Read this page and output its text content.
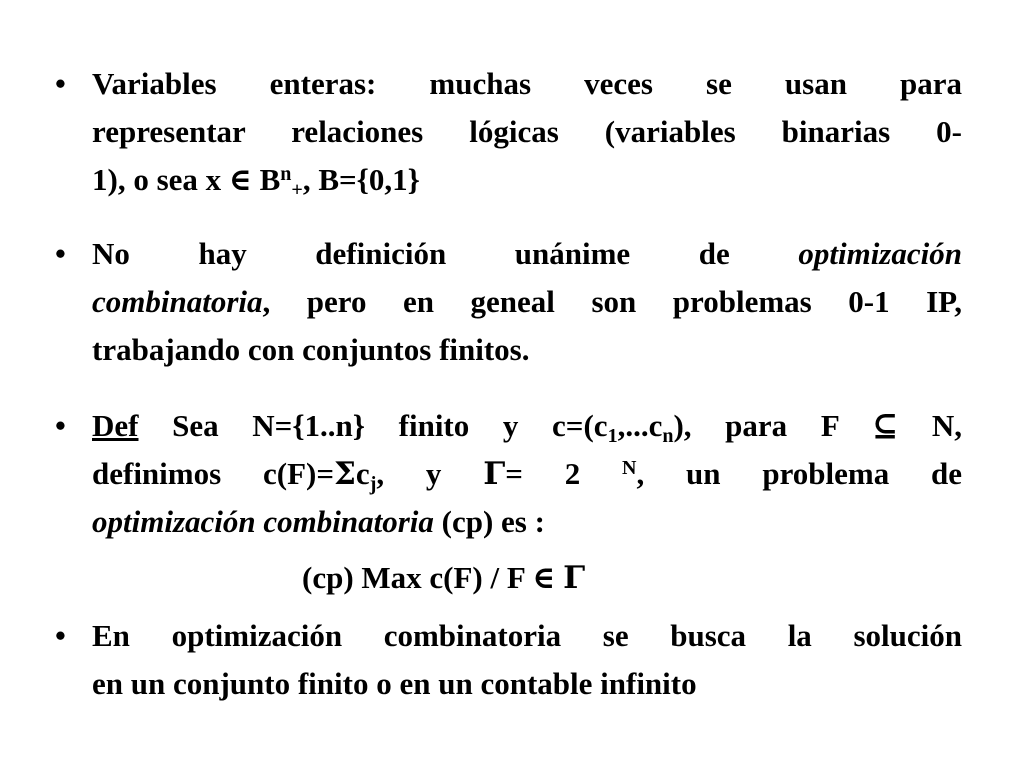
• Variables enteras: muchas veces se usan para
representar relaciones lógicas (variables binarias 0-
1), o sea x ∈ $B^n_+$, B={0,1}
• No hay definición unánime de optimización
combinatoria, pero en geneal son problemas 0-1 IP,
trabajando con conjuntos finitos.
• Def Sea N={1..n} finito y $c=(c_1,...c_n)$, para F ⊆ N,
definimos $c(F)=\Sigma c_j$, y Γ= 2 $^N$, un problema de
optimización combinatoria (cp) es :
(cp) Max c(F) / F ∈ Γ
• En optimización combinatoria se busca la solución
en un conjunto finito o en un contable infinito
